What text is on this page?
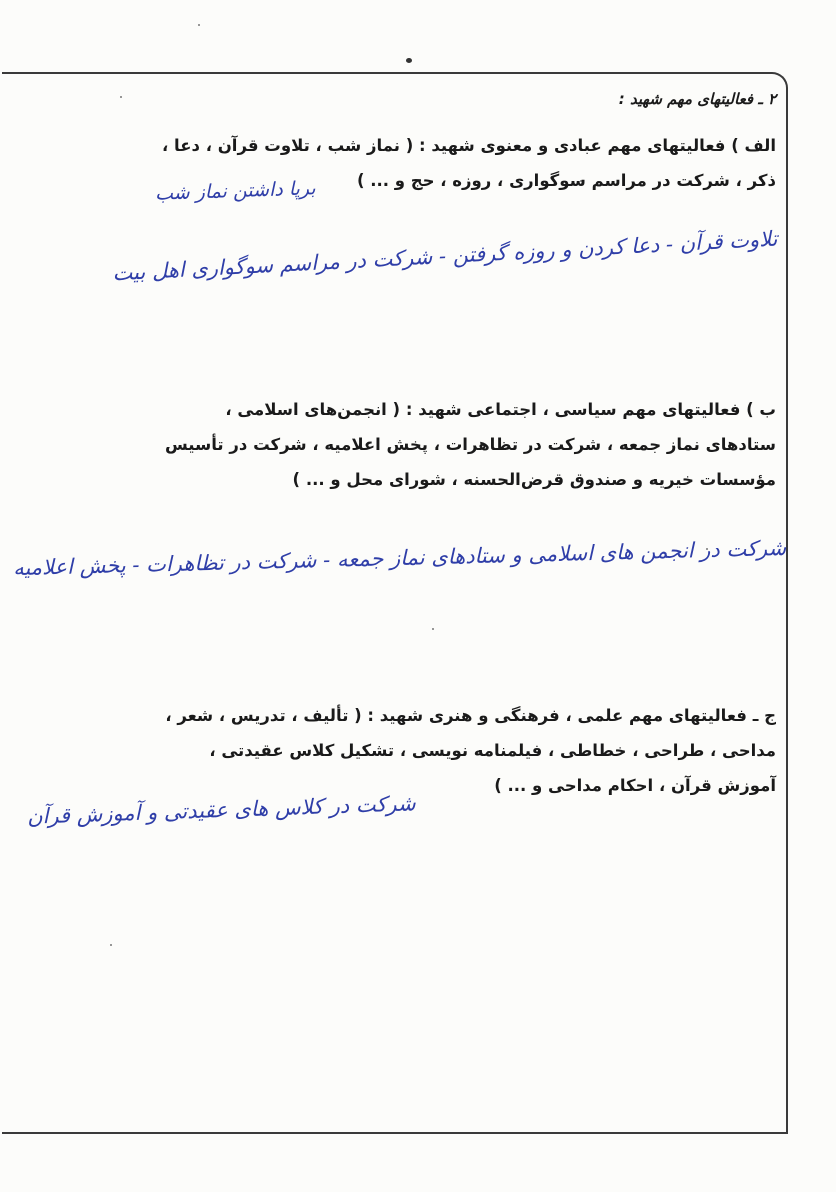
۲ ـ فعالیتهای مهم شهید :
الف ) فعالیتهای مهم عبادی و معنوی شهید : ( نماز شب ، تلاوت قرآن ، دعا ،
ذکر ، شرکت در مراسم سوگواری ، روزه ، حج و ... )
برپا داشتن نماز شب
تلاوت قرآن - دعا کردن و روزه گرفتن - شرکت در مراسم سوگواری اهل بیت
ب ) فعالیتهای مهم سیاسی ، اجتماعی شهید : ( انجمن‌های اسلامی ،
ستادهای نماز جمعه ، شرکت در تظاهرات ، پخش اعلامیه ، شرکت در تأسیس
مؤسسات خیریه و صندوق قرض‌الحسنه ، شورای محل و ... )
شرکت در انجمن های اسلامی و ستادهای نماز جمعه - شرکت در تظاهرات - پخش اعلامیه
ج ـ فعالیتهای مهم علمی ، فرهنگی و هنری شهید : ( تألیف ، تدریس ، شعر ،
مداحی ، طراحی ، خطاطی ، فیلمنامه نویسی ، تشکیل کلاس عقیدتی ،
آموزش قرآن ، احکام مداحی و ... )
شرکت در کلاس های عقیدتی و آموزش قرآن
